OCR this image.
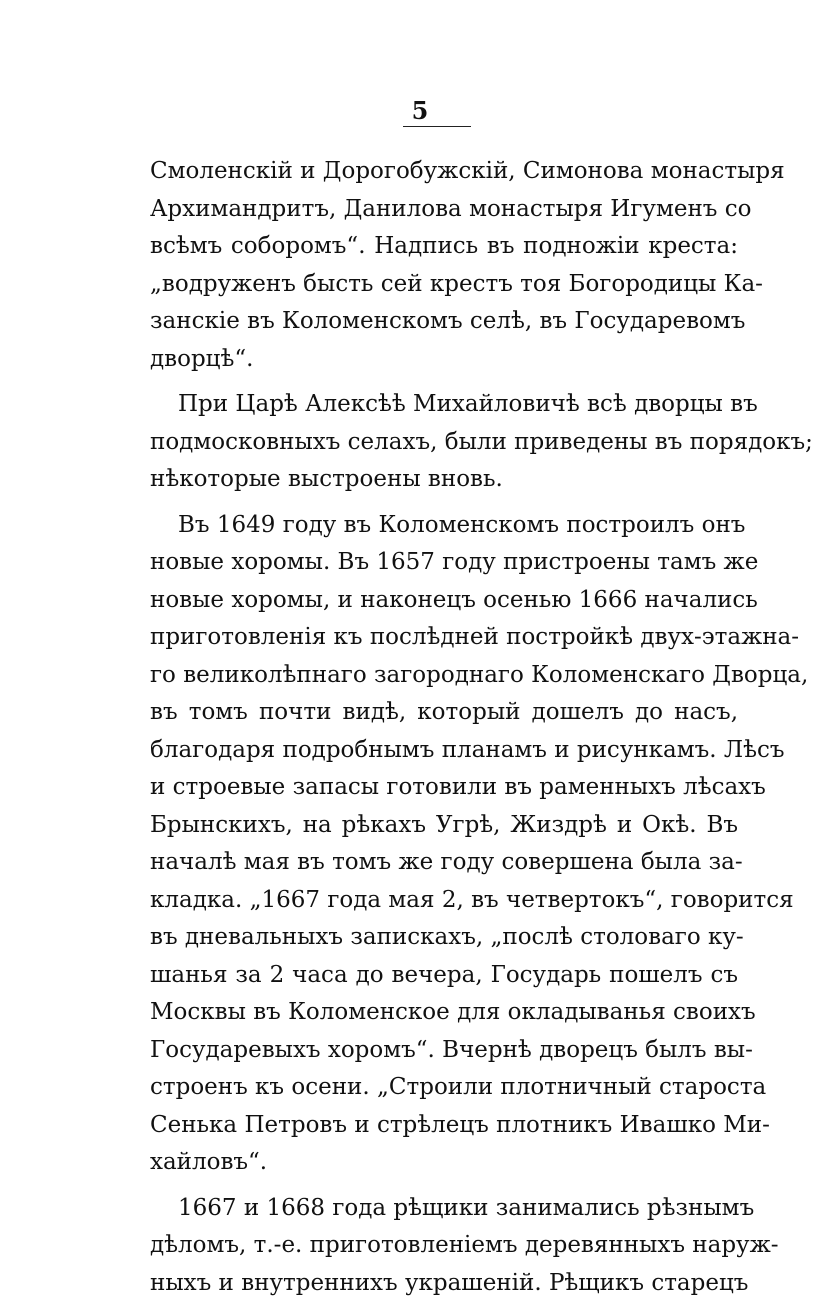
5
Смоленскій и Дорогобужскій, Симонова монастыря
Архимандритъ, Данилова монастыря Игуменъ со
всѣмъ соборомъ“. Надпись въ подножіи креста:
„водруженъ бысть сей крестъ тоя Богородицы Ка-
занскіе въ Коломенскомъ селѣ, въ Государевомъ
дворцѣ“.
При Царѣ Алексѣѣ Михайловичѣ всѣ дворцы въ
подмосковныхъ селахъ, были приведены въ порядокъ;
нѣкоторые выстроены вновь.
Въ 1649 году въ Коломенскомъ построилъ онъ
новые хоромы. Въ 1657 году пристроены тамъ же
новые хоромы, и наконецъ осенью 1666 начались
приготовленія къ послѣдней постройкѣ двух-этажна-
го великолѣпнаго загороднаго Коломенскаго Дворца,
въ томъ почти видѣ, который дошелъ до насъ,
благодаря подробнымъ планамъ и рисункамъ. Лѣсъ
и строевые запасы готовили въ раменныхъ лѣсахъ
Брынскихъ, на рѣкахъ Угрѣ, Жиздрѣ и Окѣ. Въ
началѣ мая въ томъ же году совершена была за-
кладка. „1667 года мая 2, въ четвертокъ“, говорится
въ дневальныхъ запискахъ, „послѣ столоваго ку-
шанья за 2 часа до вечера, Государь пошелъ съ
Москвы въ Коломенское для окладыванья своихъ
Государевыхъ хоромъ“. Вчернѣ дворецъ былъ вы-
строенъ къ осени. „Строили плотничный староста
Сенька Петровъ и стрѣлецъ плотникъ Ивашко Ми-
хайловъ“.
1667 и 1668 года рѣщики занимались рѣзнымъ
дѣломъ, т.-е. приготовленіемъ деревянныхъ наруж-
ныхъ и внутреннихъ украшеній. Рѣщикъ старецъ
